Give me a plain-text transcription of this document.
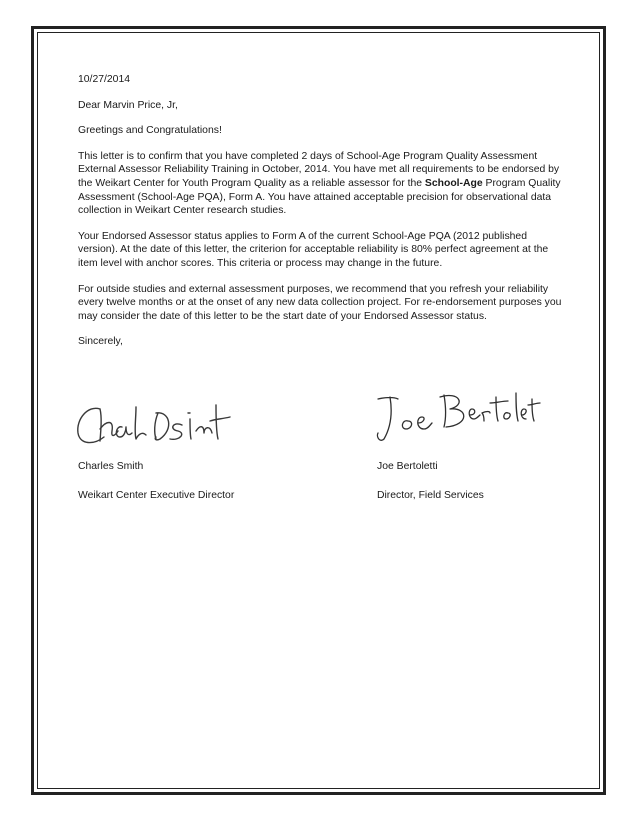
10/27/2014

Dear Marvin Price, Jr,

Greetings and Congratulations!

This letter is to confirm that you have completed 2 days of School-Age Program Quality Assessment External Assessor Reliability Training in October, 2014. You have met all requirements to be endorsed by the Weikart Center for Youth Program Quality as a reliable assessor for the School-Age Program Quality Assessment (School-Age PQA), Form A. You have attained acceptable precision for observational data collection in Weikart Center research studies.

Your Endorsed Assessor status applies to Form A of the current School-Age PQA (2012 published version). At the date of this letter, the criterion for acceptable reliability is 80% perfect agreement at the item level with anchor scores. This criteria or process may change in the future.

For outside studies and external assessment purposes, we recommend that you refresh your reliability every twelve months or at the onset of any new data collection project. For re-endorsement purposes you may consider the date of this letter to be the start date of your Endorsed Assessor status.

Sincerely,

Charles Smith
Weikart Center Executive Director
Joe Bertoletti
Director, Field Services
